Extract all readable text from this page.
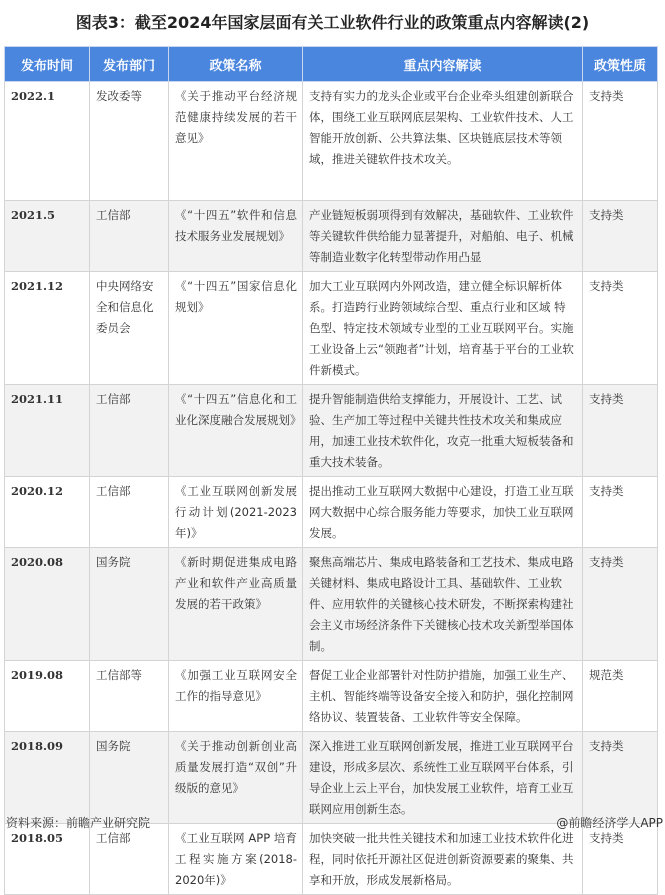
图表3：截至2024年国家层面有关工业软件行业的政策重点内容解读(2)
发布时间	发布部门	政策名称	重点内容解读	政策性质
2022.1	发改委等	《关于推动平台经济规范健康持续发展的若干意见》	支持有实力的龙头企业或平台企业牵头组建创新联合体，围绕工业互联网底层架构、工业软件技术、人工智能开放创新、公共算法集、区块链底层技术等领域，推进关键软件技术攻关。	支持类
2021.5	工信部	《“十四五”软件和信息技术服务业发展规划》	产业链短板弱项得到有效解决，基础软件、工业软件等关键软件供给能力显著提升，对船舶、电子、机械等制造业数字化转型带动作用凸显	支持类
2021.12	中央网络安全和信息化委员会	《“十四五”国家信息化规划》	加大工业互联网内外网改造，建立健全标识解析体系。打造跨行业跨领域综合型、重点行业和区域 特色型、特定技术领域专业型的工业互联网平台。实施工业设备上云“领跑者”计划，培育基于平台的工业软件新模式。	支持类
2021.11	工信部	《“十四五”信息化和工业化深度融合发展规划》	提升智能制造供给支撑能力，开展设计、工艺、试验、生产加工等过程中关键共性技术攻关和集成应用，加速工业技术软件化，攻克一批重大短板装备和重大技术装备。	支持类
2020.12	工信部	《工业互联网创新发展行动计划(2021-2023年)》	提出推动工业互联网大数据中心建设，打造工业互联网大数据中心综合服务能力等要求，加快工业互联网发展。	支持类
2020.08	国务院	《新时期促进集成电路产业和软件产业高质量发展的若干政策》	聚焦高端芯片、集成电路装备和工艺技术、集成电路关键材料、集成电路设计工具、基础软件、工业软件、应用软件的关键核心技术研发，不断探索构建社会主义市场经济条件下关键核心技术攻关新型举国体制。	支持类
2019.08	工信部等	《加强工业互联网安全工作的指导意见》	督促工业企业部署针对性防护措施，加强工业生产、主机、智能终端等设备安全接入和防护，强化控制网络协议、装置装备、工业软件等安全保障。	规范类
2018.09	国务院	《关于推动创新创业高质量发展打造“双创”升级版的意见》	深入推进工业互联网创新发展，推进工业互联网平台建设，形成多层次、系统性工业互联网平台体系，引导企业上云上平台，加快发展工业软件，培育工业互联网应用创新生态。	支持类
2018.05	工信部	《工业互联网 APP 培育工程实施方案(2018-2020年)》	加快突破一批共性关键技术和加速工业技术软件化进程，同时依托开源社区促进创新资源要素的聚集、共享和开放，形成发展新格局。	支持类
资料来源：前瞻产业研究院	@前瞻经济学人APP
